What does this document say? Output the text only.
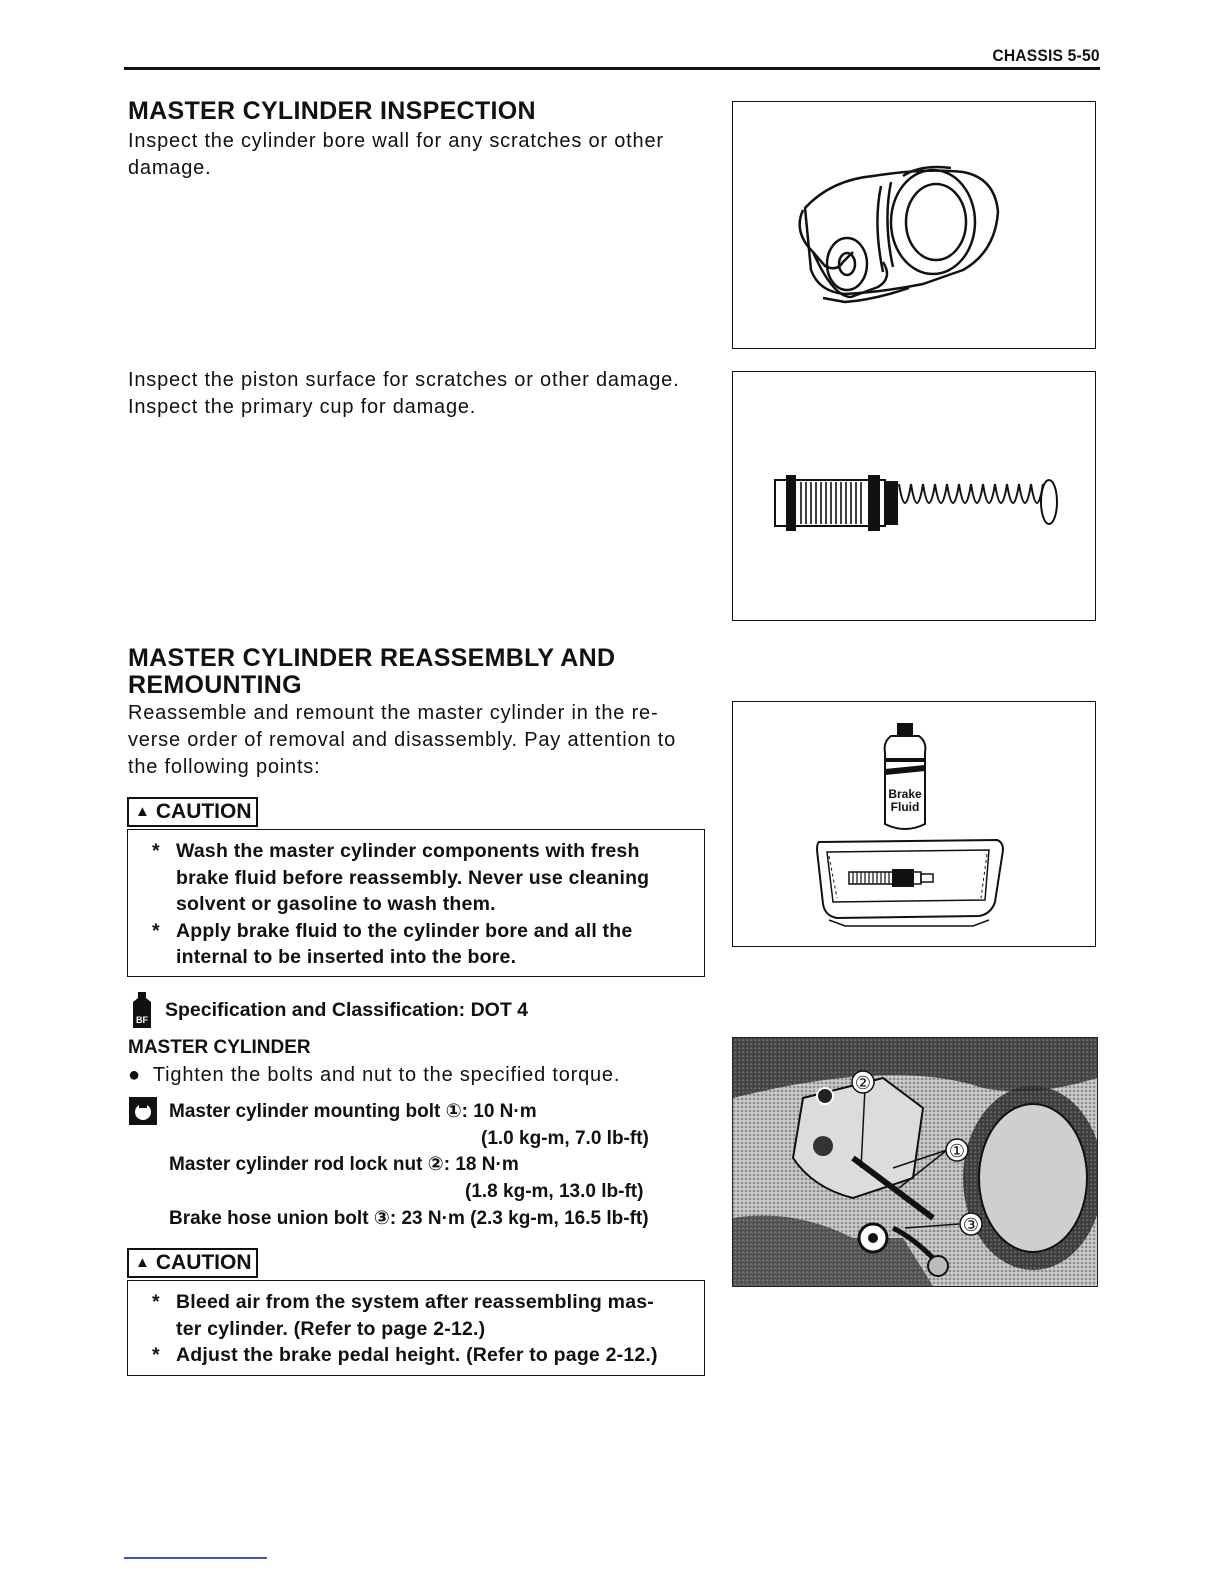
CHASSIS 5-50
MASTER CYLINDER INSPECTION

Inspect the cylinder bore wall for any scratches or other

damage.

Inspect the piston surface for scratches or other damage.

Inspect the primary cup for damage.

MASTER CYLINDER REASSEMBLY AND
REMOUNTING

Reassemble and remount the master cylinder in the re-

verse order of removal and disassembly. Pay attention to

the following points:

▲ CAUTION
* Wash the master cylinder components with fresh
brake fluid before reassembly. Never use cleaning
solvent or gasoline to wash them.
* Apply brake fluid to the cylinder bore and all the
internal to be inserted into the bore.
BF Specification and Classification: DOT 4
MASTER CYLINDER
● Tighten the bolts and nut to the specified torque.
Master cylinder mounting bolt ①: 10 N·m
(1.0 kg-m, 7.0 lb-ft)
Master cylinder rod lock nut ②: 18 N·m
(1.8 kg-m, 13.0 lb-ft)
Brake hose union bolt ③: 23 N·m (2.3 kg-m, 16.5 lb-ft)
▲ CAUTION
* Bleed air from the system after reassembling mas-
ter cylinder. (Refer to page 2-12.)
* Adjust the brake pedal height. (Refer to page 2-12.)
Brake
Fluid
②
①
③
